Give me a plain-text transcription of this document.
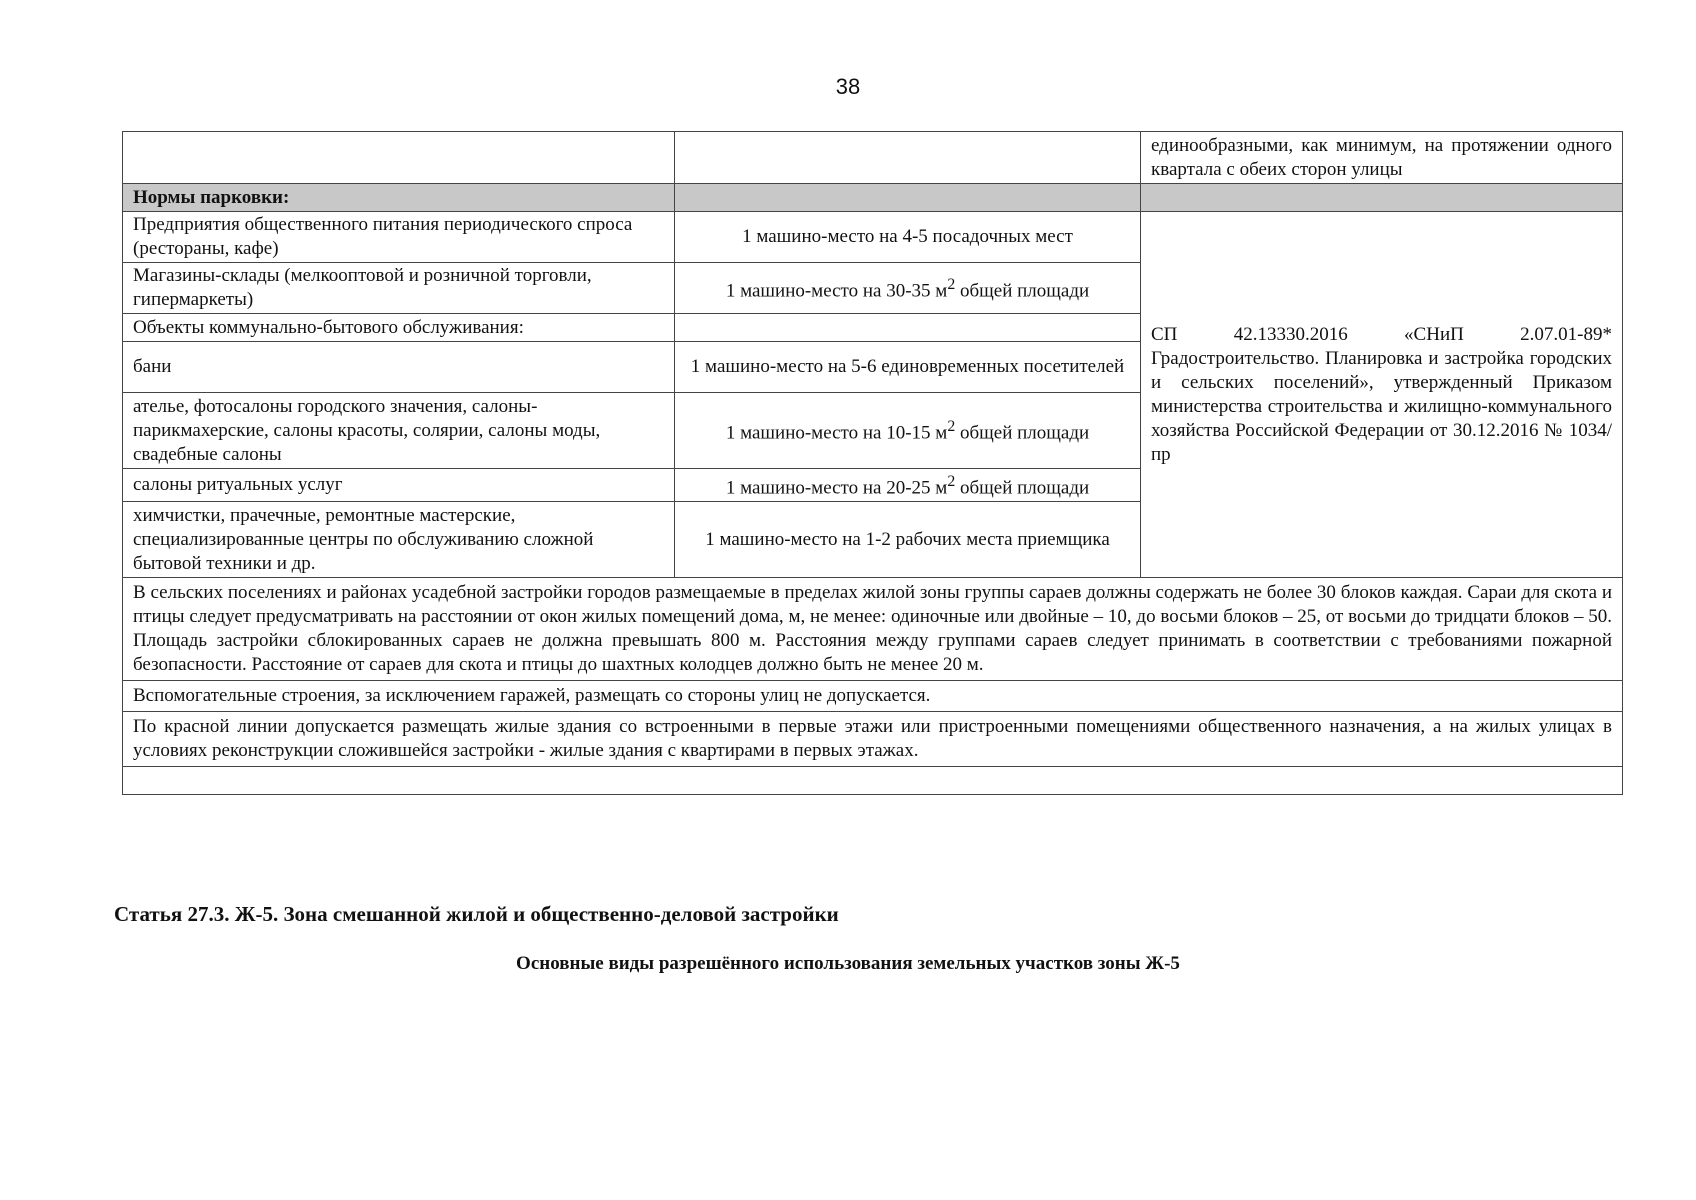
38
		единообразными, как минимум, на протяжении одного квартала с обеих сторон улицы
Нормы парковки:		
Предприятия общественного питания периодического спроса (рестораны, кафе)	1 машино-место на 4-5 посадочных мест	СП 42.13330.2016 «СНиП 2.07.01-89* Градостроительство. Планировка и застройка городских и сельских поселений», утвержденный Приказом министерства строительства и жилищно-коммунального хозяйства Российской Федерации от 30.12.2016 № 1034/пр
Магазины-склады (мелкооптовой и розничной торговли, гипермаркеты)	1 машино-место на 30-35 $м^2$ общей площади	
Объекты коммунально-бытового обслуживания:		
бани	1 машино-место на 5-6 единовременных посетителей	
ателье, фотосалоны городского значения, салоны-парикмахерские, салоны красоты, солярии, салоны моды, свадебные салоны	1 машино-место на 10-15 $м^2$ общей площади	
салоны ритуальных услуг	1 машино-место на 20-25 $м^2$ общей площади	
химчистки, прачечные, ремонтные мастерские, специализированные центры по обслуживанию сложной бытовой техники и др.	1 машино-место на 1-2 рабочих места приемщика	
В сельских поселениях и районах усадебной застройки городов размещаемые в пределах жилой зоны группы сараев должны содержать не более 30 блоков каждая. Сараи для скота и птицы следует предусматривать на расстоянии от окон жилых помещений дома, м, не менее: одиночные или двойные – 10, до восьми блоков – 25, от восьми до тридцати блоков – 50. Площадь застройки сблокированных сараев не должна превышать 800 м. Расстояния между группами сараев следует принимать в соответствии с требованиями пожарной безопасности. Расстояние от сараев для скота и птицы до шахтных колодцев должно быть не менее 20 м.		
Вспомогательные строения, за исключением гаражей, размещать со стороны улиц не допускается.		
По красной линии допускается размещать жилые здания со встроенными в первые этажи или пристроенными помещениями общественного назначения, а на жилых улицах в условиях реконструкции сложившейся застройки - жилые здания с квартирами в первых этажах.		

Статья 27.3. Ж-5. Зона смешанной жилой и общественно-деловой застройки
Основные виды разрешённого использования земельных участков зоны Ж-5
